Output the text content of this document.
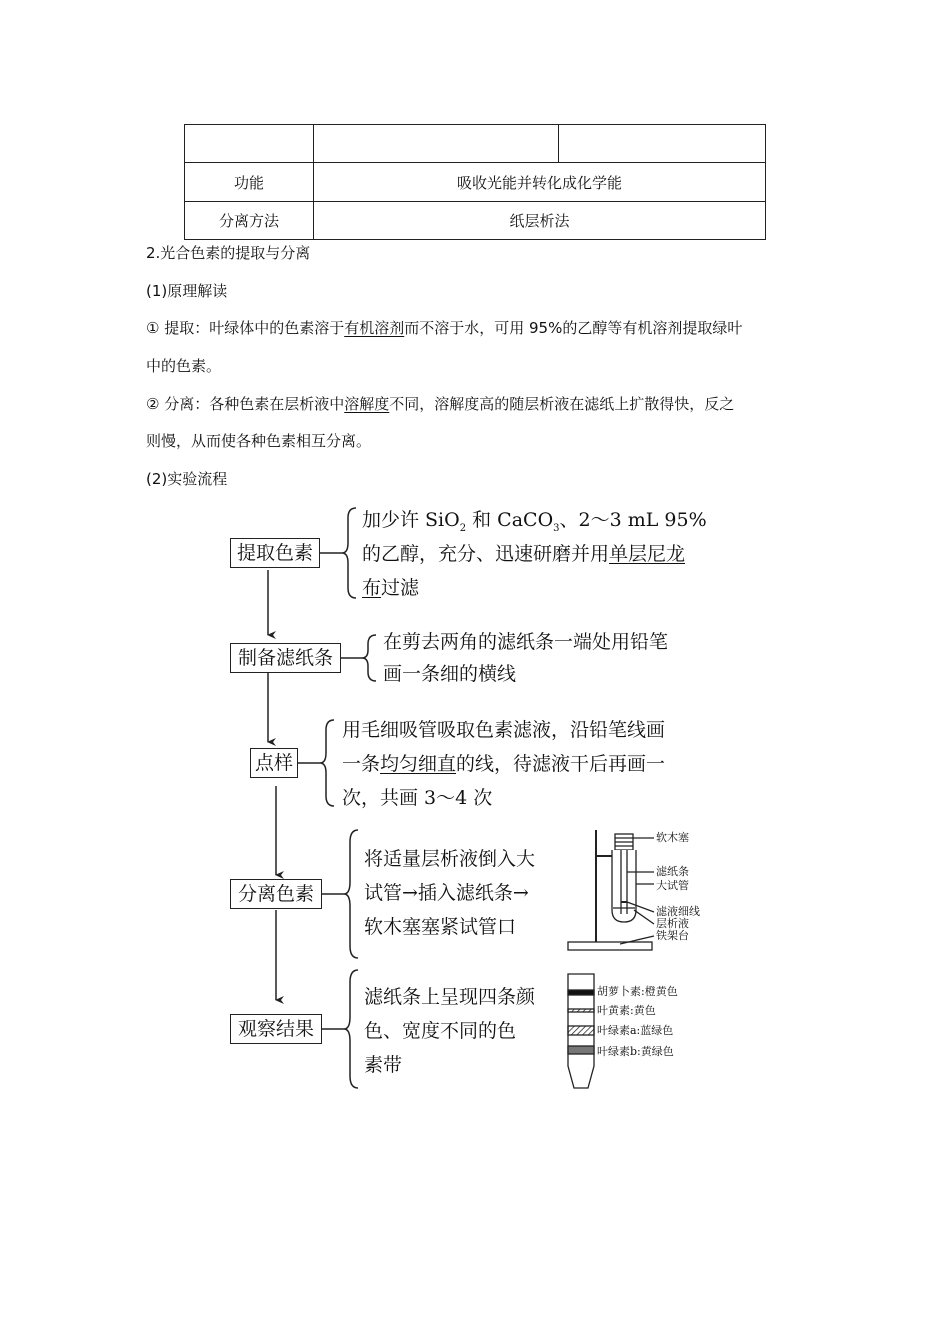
功能	吸收光能并转化成化学能	
分离方法	纸层析法	
2.光合色素的提取与分离
(1)原理解读
① 提取：叶绿体中的色素溶于有机溶剂而不溶于水，可用 95%的乙醇等有机溶剂提取绿叶
中的色素。
② 分离：各种色素在层析液中溶解度不同，溶解度高的随层析液在滤纸上扩散得快，反之
则慢，从而使各种色素相互分离。
(2)实验流程
提取色素
制备滤纸条
点样
分离色素
观察结果
加少许 SiO$_2$ 和 CaCO$_3$、2～3 mL 95%
的乙醇，充分、迅速研磨并用单层尼龙
布过滤
在剪去两角的滤纸条一端处用铅笔
画一条细的横线
用毛细吸管吸取色素滤液，沿铅笔线画
一条均匀细直的线，待滤液干后再画一
次，共画 3～4 次
将适量层析液倒入大
试管→插入滤纸条→
软木塞塞紧试管口
滤纸条上呈现四条颜
色、宽度不同的色
素带
软木塞
滤纸条
大试管
滤液细线
层析液
铁架台
胡萝卜素:橙黄色
叶黄素:黄色
叶绿素a:蓝绿色
叶绿素b:黄绿色
